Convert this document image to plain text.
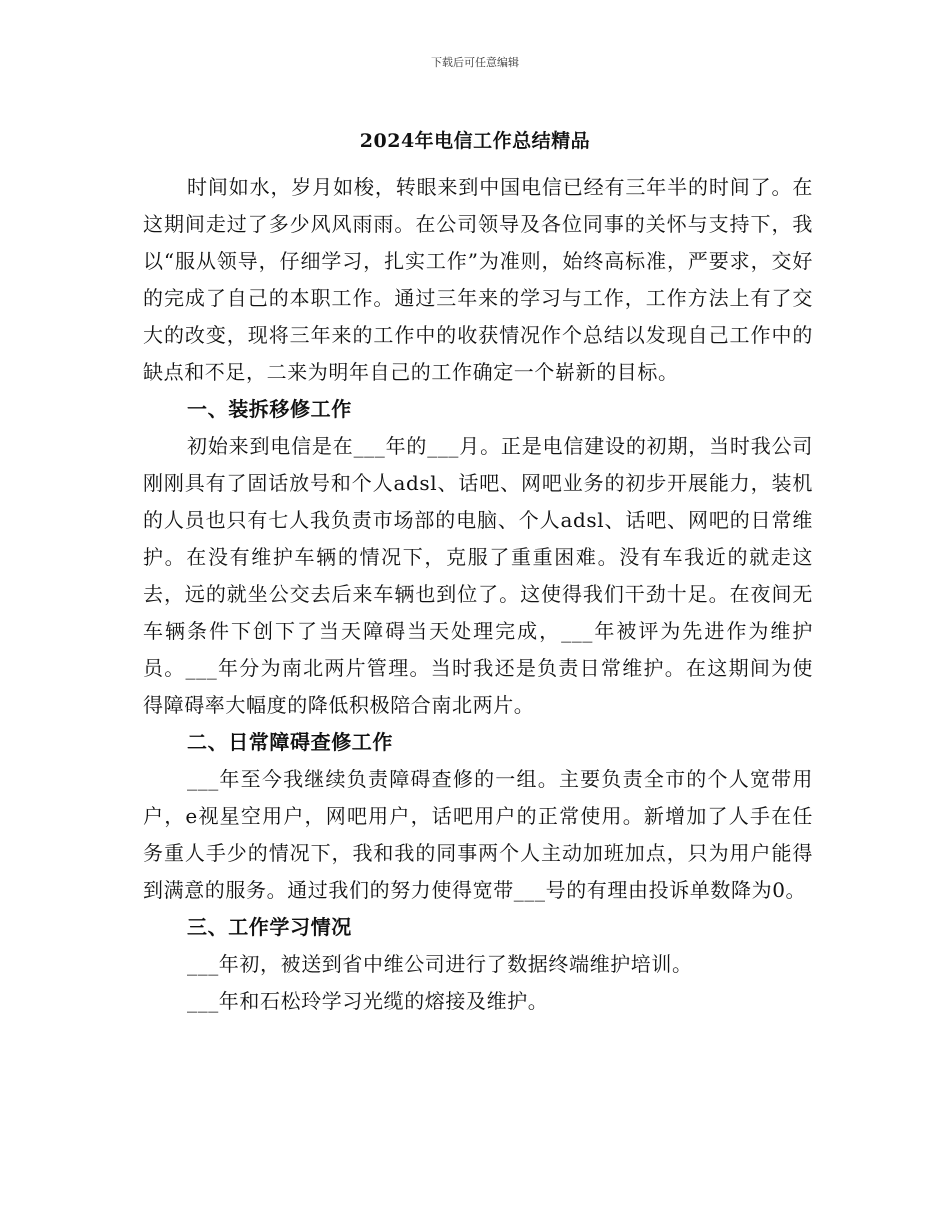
下载后可任意编辑
2024年电信工作总结精品

时间如水，岁月如梭，转眼来到中国电信已经有三年半的时间了。在这期间走过了多少风风雨雨。在公司领导及各位同事的关怀与支持下，我以“服从领导，仔细学习，扎实工作”为准则，始终高标准，严要求，交好的完成了自己的本职工作。通过三年来的学习与工作，工作方法上有了交大的改变，现将三年来的工作中的收获情况作个总结以发现自己工作中的缺点和不足，二来为明年自己的工作确定一个崭新的目标。

一、装拆移修工作

初始来到电信是在___年的___月。正是电信建设的初期，当时我公司刚刚具有了固话放号和个人adsl、话吧、网吧业务的初步开展能力，装机的人员也只有七人我负责市场部的电脑、个人adsl、话吧、网吧的日常维护。在没有维护车辆的情况下，克服了重重困难。没有车我近的就走这去，远的就坐公交去后来车辆也到位了。这使得我们干劲十足。在夜间无车辆条件下创下了当天障碍当天处理完成，___年被评为先进作为维护员。___年分为南北两片管理。当时我还是负责日常维护。在这期间为使得障碍率大幅度的降低积极陪合南北两片。

二、日常障碍查修工作

___年至今我继续负责障碍查修的一组。主要负责全市的个人宽带用户，e视星空用户，网吧用户，话吧用户的正常使用。新增加了人手在任务重人手少的情况下，我和我的同事两个人主动加班加点，只为用户能得到满意的服务。通过我们的努力使得宽带___号的有理由投诉单数降为0。

三、工作学习情况

___年初，被送到省中维公司进行了数据终端维护培训。

___年和石松玲学习光缆的熔接及维护。
